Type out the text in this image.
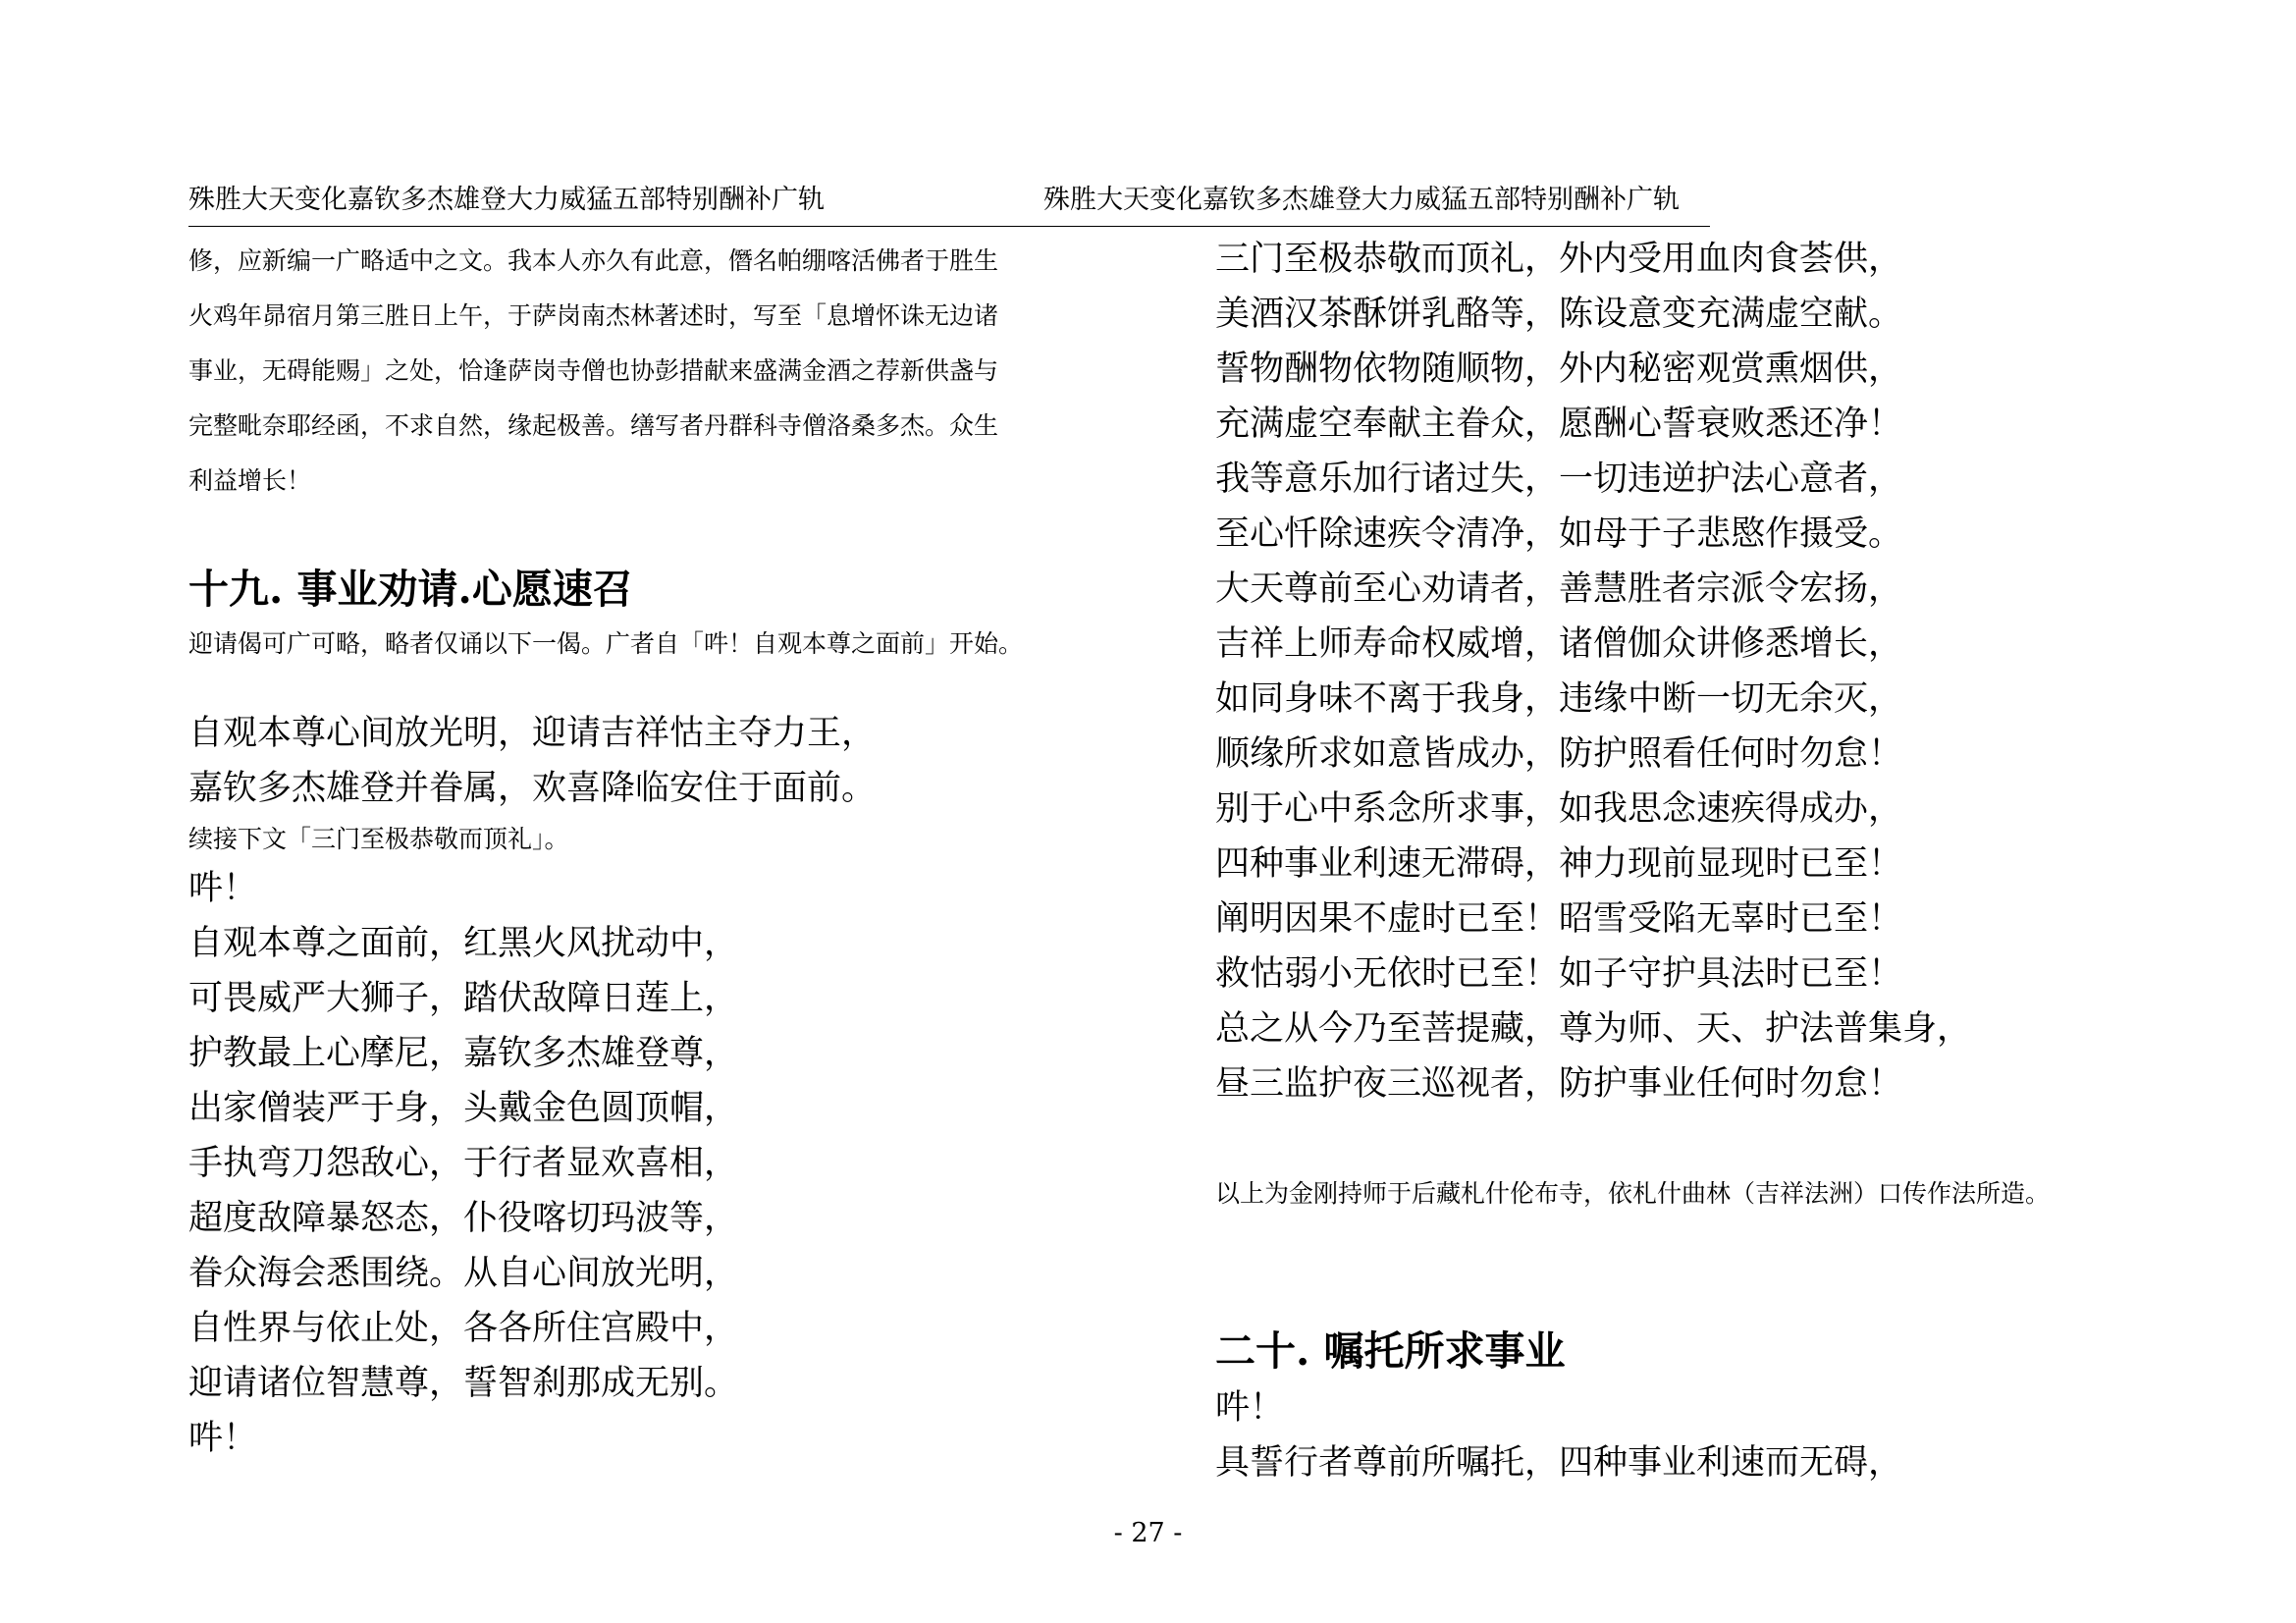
殊胜大天变化嘉钦多杰雄登大力威猛五部特别酬补广轨	殊胜大天变化嘉钦多杰雄登大力威猛五部特别酬补广轨

修，应新编一广略适中之文。我本人亦久有此意，僭名帕绷喀活佛者于胜生

火鸡年昴宿月第三胜日上午，于萨岗南杰林著述时，写至「息增怀诛无边诸

事业，无碍能赐」之处，恰逢萨岗寺僧也协彭措献来盛满金酒之荐新供盏与

完整毗奈耶经函，不求自然，缘起极善。缮写者丹群科寺僧洛桑多杰。众生

利益增长！

十九. 事业劝请.心愿速召

迎请偈可广可略，略者仅诵以下一偈。广者自「吽！自观本尊之面前」开始。

自观本尊心间放光明，迎请吉祥怙主夺力王，

嘉钦多杰雄登并眷属，欢喜降临安住于面前。

续接下文「三门至极恭敬而顶礼」。

吽！

自观本尊之面前，红黑火风扰动中，

可畏威严大狮子，踏伏敌障日莲上，

护教最上心摩尼，嘉钦多杰雄登尊，

出家僧装严于身，头戴金色圆顶帽，

手执弯刀怨敌心，于行者显欢喜相，

超度敌障暴怒态，仆役喀切玛波等，

眷众海会悉围绕。从自心间放光明，

自性界与依止处，各各所住宫殿中，

迎请诸位智慧尊，誓智刹那成无别。

吽！

三门至极恭敬而顶礼，外内受用血肉食荟供，

美酒汉茶酥饼乳酪等，陈设意变充满虚空献。

誓物酬物依物随顺物，外内秘密观赏熏烟供，

充满虚空奉献主眷众，愿酬心誓衰败悉还净！

我等意乐加行诸过失，一切违逆护法心意者，

至心忏除速疾令清净，如母于子悲愍作摄受。

大天尊前至心劝请者，善慧胜者宗派令宏扬，

吉祥上师寿命权威增，诸僧伽众讲修悉增长，

如同身味不离于我身，违缘中断一切无余灭，

顺缘所求如意皆成办，防护照看任何时勿怠！

别于心中系念所求事，如我思念速疾得成办，

四种事业利速无滞碍，神力现前显现时已至！

阐明因果不虚时已至！昭雪受陷无辜时已至！

救怙弱小无依时已至！如子守护具法时已至！

总之从今乃至菩提藏，尊为师、天、护法普集身，

昼三监护夜三巡视者，防护事业任何时勿怠！

以上为金刚持师于后藏札什伦布寺，依札什曲林（吉祥法洲）口传作法所造。

二十. 嘱托所求事业

吽！

具誓行者尊前所嘱托，四种事业利速而无碍，

- 27 -
